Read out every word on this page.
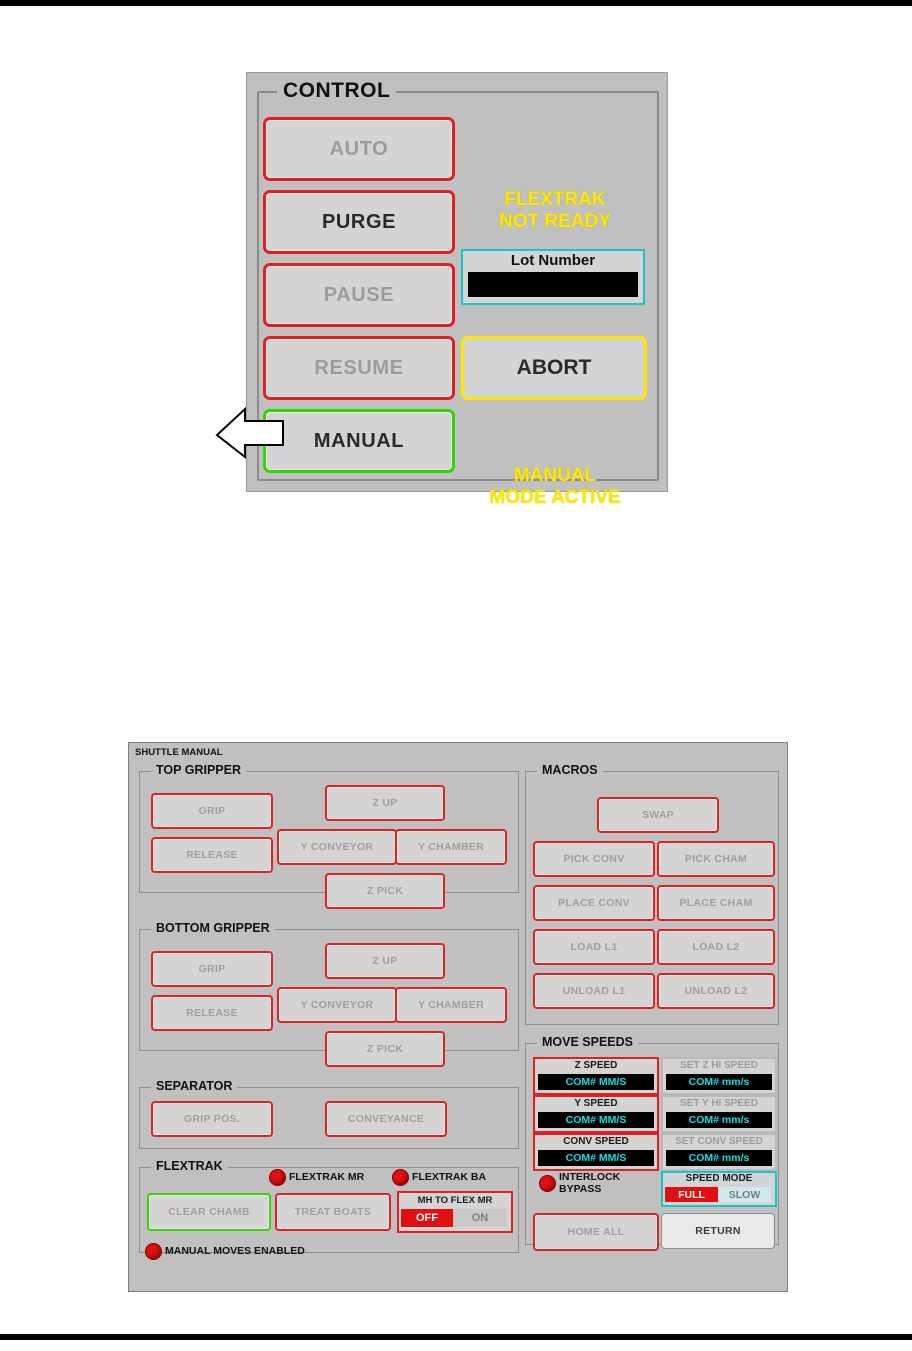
CONTROL
AUTO
PURGE
PAUSE
RESUME
MANUAL
FLEXTRAK
NOT READY
Lot Number
ABORT
MANUAL
MODE ACTIVE
SHUTTLE MANUAL
TOP GRIPPER
GRIP
RELEASE
Z UP
Y CONVEYOR	Y CHAMBER
Z PICK
BOTTOM GRIPPER
GRIP
RELEASE
Z UP
Y CONVEYOR	Y CHAMBER
Z PICK
SEPARATOR
GRIP POS.	CONVEYANCE
FLEXTRAK
FLEXTRAK MR	FLEXTRAK BA
CLEAR CHAMB	TREAT BOATS
MH TO FLEX MR
OFF	ON
MANUAL MOVES ENABLED
MACROS
SWAP
PICK CONV	PICK CHAM
PLACE CONV	PLACE CHAM
LOAD L1	LOAD L2
UNLOAD L1	UNLOAD L2
MOVE SPEEDS
Z SPEED
COM# MM/S
SET Z HI SPEED
COM# mm/s
Y SPEED
COM# MM/S
SET Y HI SPEED
COM# mm/s
CONV SPEED
COM# MM/S
SET CONV SPEED
COM# mm/s
INTERLOCK
BYPASS
SPEED MODE
FULL	SLOW
HOME ALL	RETURN
